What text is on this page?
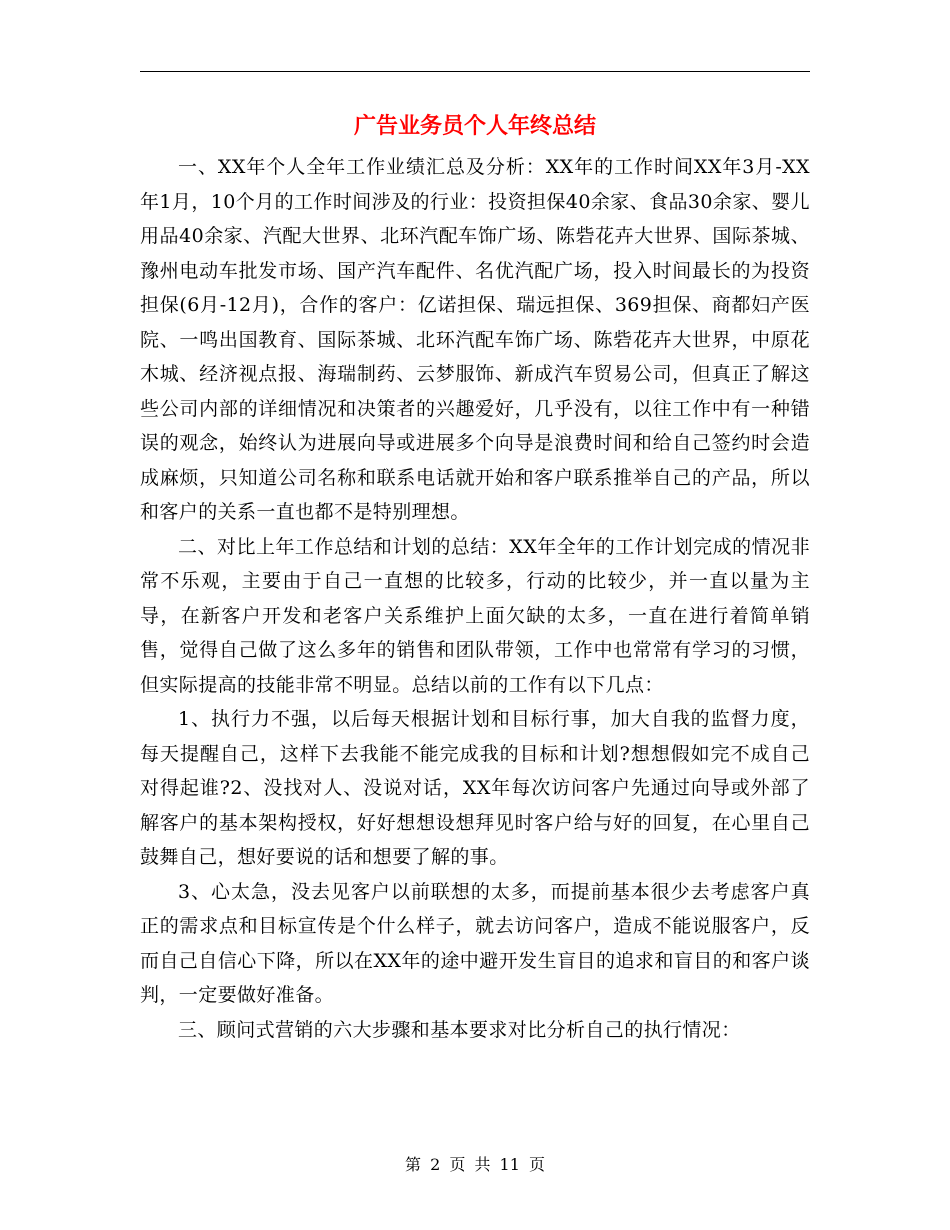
广告业务员个人年终总结

一、XX年个人全年工作业绩汇总及分析：XX年的工作时间XX年3月-XX年1月，10个月的工作时间涉及的行业：投资担保40余家、食品30余家、婴儿用品40余家、汽配大世界、北环汽配车饰广场、陈砦花卉大世界、国际茶城、豫州电动车批发市场、国产汽车配件、名优汽配广场，投入时间最长的为投资担保(6月-12月)，合作的客户：亿诺担保、瑞远担保、369担保、商都妇产医院、一鸣出国教育、国际茶城、北环汽配车饰广场、陈砦花卉大世界，中原花木城、经济视点报、海瑞制药、云梦服饰、新成汽车贸易公司，但真正了解这些公司内部的详细情况和决策者的兴趣爱好，几乎没有，以往工作中有一种错误的观念，始终认为进展向导或进展多个向导是浪费时间和给自己签约时会造成麻烦，只知道公司名称和联系电话就开始和客户联系推举自己的产品，所以和客户的关系一直也都不是特别理想。

二、对比上年工作总结和计划的总结：XX年全年的工作计划完成的情况非常不乐观，主要由于自己一直想的比较多，行动的比较少，并一直以量为主导，在新客户开发和老客户关系维护上面欠缺的太多，一直在进行着简单销售，觉得自己做了这么多年的销售和团队带领，工作中也常常有学习的习惯，但实际提高的技能非常不明显。总结以前的工作有以下几点：

1、执行力不强，以后每天根据计划和目标行事，加大自我的监督力度，每天提醒自己，这样下去我能不能完成我的目标和计划?想想假如完不成自己对得起谁?2、没找对人、没说对话，XX年每次访问客户先通过向导或外部了解客户的基本架构授权，好好想想设想拜见时客户给与好的回复，在心里自己鼓舞自己，想好要说的话和想要了解的事。

3、心太急，没去见客户以前联想的太多，而提前基本很少去考虑客户真正的需求点和目标宣传是个什么样子，就去访问客户，造成不能说服客户，反而自己自信心下降，所以在XX年的途中避开发生盲目的追求和盲目的和客户谈判，一定要做好准备。

三、顾问式营销的六大步骤和基本要求对比分析自己的执行情况：

第 2 页 共 11 页
